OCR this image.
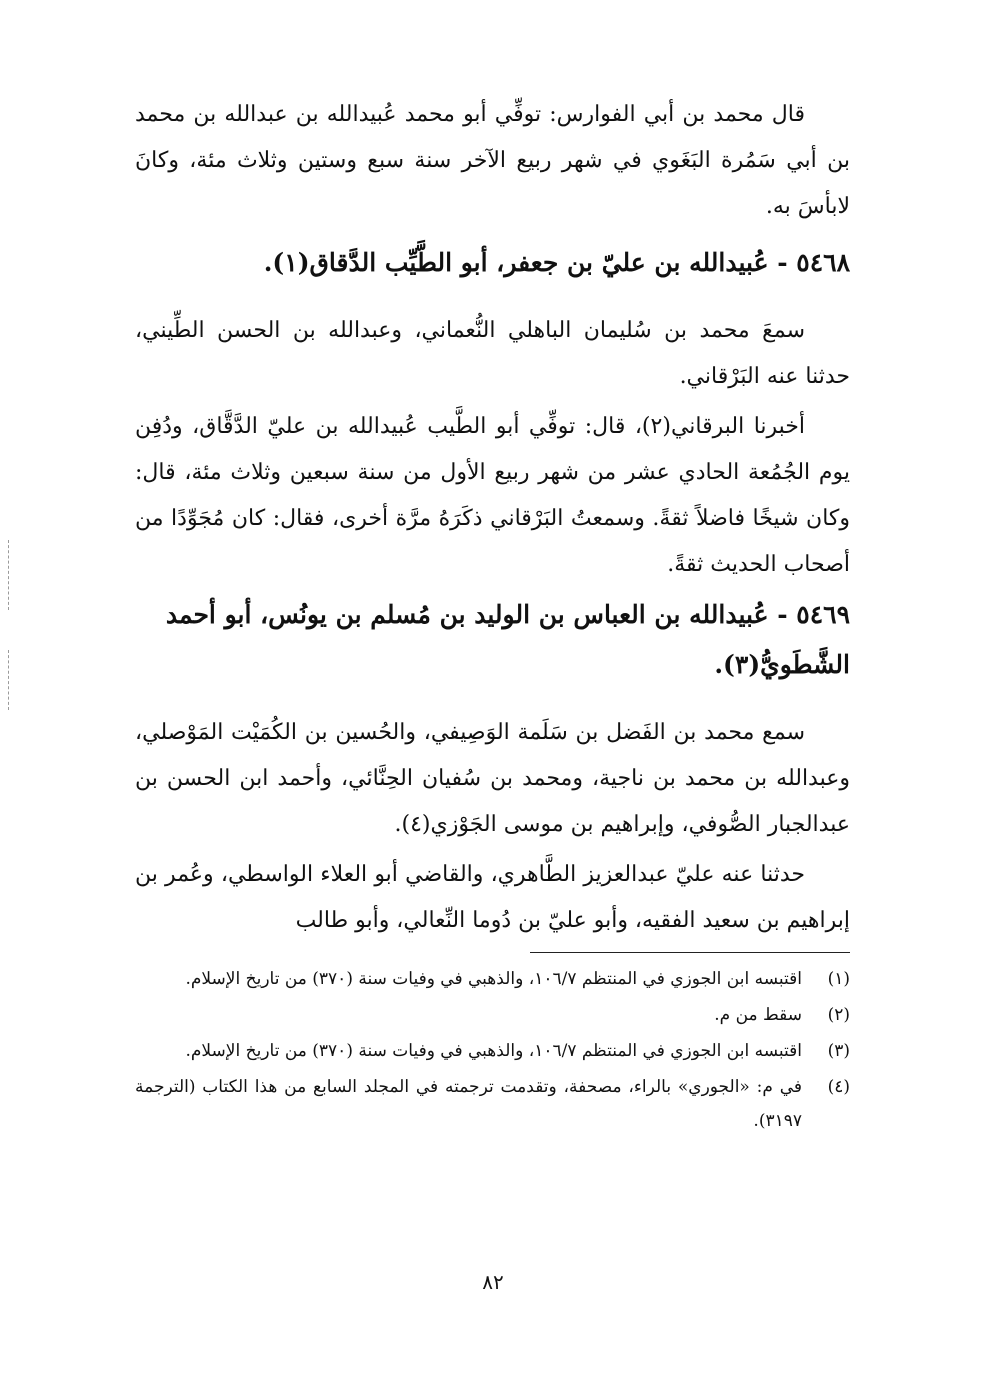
قال محمد بن أبي الفوارس: توفِّي أبو محمد عُبيدالله بن عبدالله بن محمد بن أبي سَمُرة البَغَوي في شهر ربيع الآخر سنة سبع وستين وثلاث مئة، وكانَ لابأسَ به.

٥٤٦٨ - عُبيدالله بن عليّ بن جعفر، أبو الطَّيِّب الدَّقاق(١).

سمعَ محمد بن سُليمان الباهلي النُّعماني، وعبدالله بن الحسن الطِّيني، حدثنا عنه البَرْقاني.

أخبرنا البرقاني(٢)، قال: توفِّي أبو الطَّيب عُبيدالله بن عليّ الدَّقَّاق، ودُفِن يوم الجُمُعة الحادي عشر من شهر ربيع الأول من سنة سبعين وثلاث مئة، قال: وكان شيخًا فاضلاً ثقةً. وسمعتُ البَرْقاني ذكَرَهُ مرَّة أخرى، فقال: كان مُجَوِّدًا من أصحاب الحديث ثقةً.

٥٤٦٩ - عُبيدالله بن العباس بن الوليد بن مُسلم بن يونُس، أبو أحمد الشَّطَويُّ(٣).

سمع محمد بن الفَضل بن سَلَمة الوَصِيفي، والحُسين بن الكُمَيْت المَوْصلي، وعبدالله بن محمد بن ناجية، ومحمد بن سُفيان الحِنَّائي، وأحمد ابن الحسن بن عبدالجبار الصُّوفي، وإبراهيم بن موسى الجَوْزي(٤).

حدثنا عنه عليّ عبدالعزيز الطَّاهري، والقاضي أبو العلاء الواسطي، وعُمر بن إبراهيم بن سعيد الفقيه، وأبو عليّ بن دُوما النِّعالي، وأبو طالب

(١)
اقتبسه ابن الجوزي في المنتظم ١٠٦/٧، والذهبي في وفيات سنة (٣٧٠) من تاريخ الإسلام.
(٢)
سقط من م.
(٣)
اقتبسه ابن الجوزي في المنتظم ١٠٦/٧، والذهبي في وفيات سنة (٣٧٠) من تاريخ الإسلام.
(٤)
في م: «الجوري» بالراء، مصحفة، وتقدمت ترجمته في المجلد السابع من هذا الكتاب (الترجمة ٣١٩٧).
٨٢
